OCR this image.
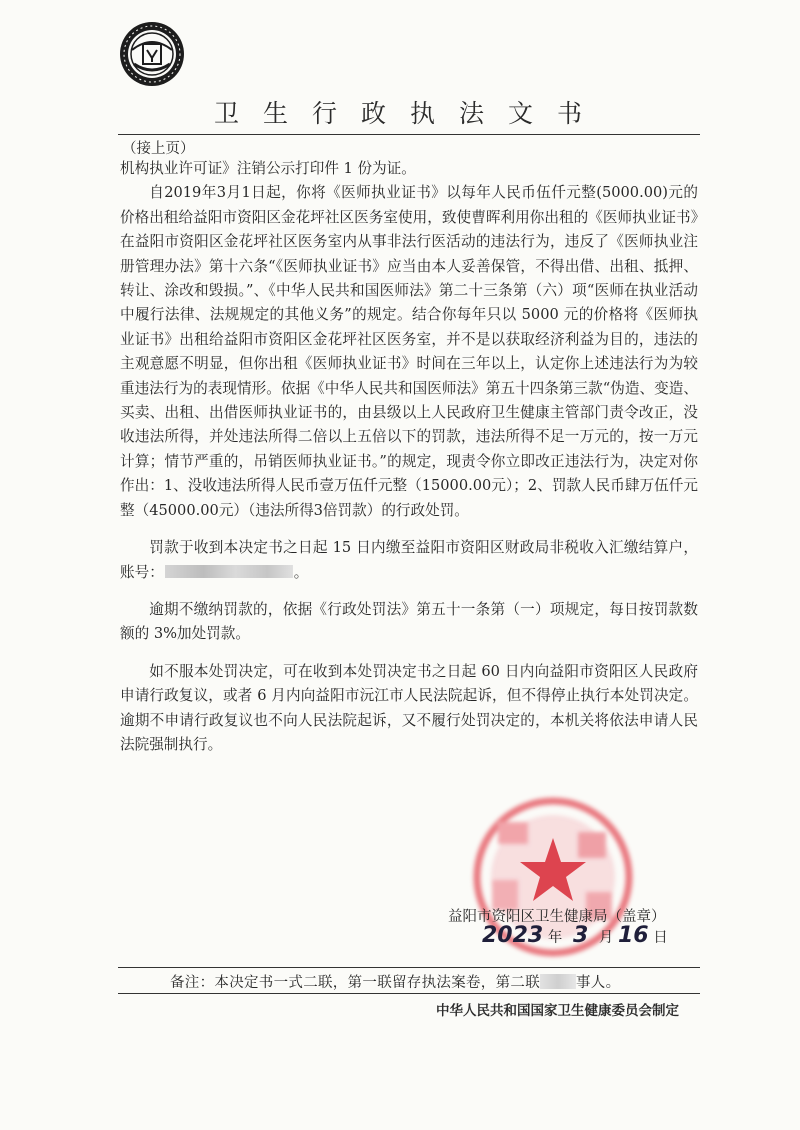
卫生行政执法文书
（接上页）

机构执业许可证》注销公示打印件 1 份为证。

自2019年3月1日起，你将《医师执业证书》以每年人民币伍仟元整(5000.00)元的价格出租给益阳市资阳区金花坪社区医务室使用，致使曹晖利用你出租的《医师执业证书》在益阳市资阳区金花坪社区医务室内从事非法行医活动的违法行为，违反了《医师执业注册管理办法》第十六条“《医师执业证书》应当由本人妥善保管，不得出借、出租、抵押、转让、涂改和毁损。”、《中华人民共和国医师法》第二十三条第（六）项“医师在执业活动中履行法律、法规规定的其他义务”的规定。结合你每年只以 5000 元的价格将《医师执业证书》出租给益阳市资阳区金花坪社区医务室，并不是以获取经济利益为目的，违法的主观意愿不明显，但你出租《医师执业证书》时间在三年以上，认定你上述违法行为为较重违法行为的表现情形。依据《中华人民共和国医师法》第五十四条第三款“伪造、变造、买卖、出租、出借医师执业证书的，由县级以上人民政府卫生健康主管部门责令改正，没收违法所得，并处违法所得二倍以上五倍以下的罚款，违法所得不足一万元的，按一万元计算；情节严重的，吊销医师执业证书。”的规定，现责令你立即改正违法行为，决定对你作出：1、没收违法所得人民币壹万伍仟元整（15000.00元）；2、罚款人民币肆万伍仟元整（45000.00元）（违法所得3倍罚款）的行政处罚。

罚款于收到本决定书之日起 15 日内缴至益阳市资阳区财政局非税收入汇缴结算户，账号：	。

逾期不缴纳罚款的，依据《行政处罚法》第五十一条第（一）项规定，每日按罚款数额的 3%加处罚款。

如不服本处罚决定，可在收到本处罚决定书之日起 60 日内向益阳市资阳区人民政府申请行政复议，或者 6 月内向益阳市沅江市人民法院起诉，但不得停止执行本处罚决定。逾期不申请行政复议也不向人民法院起诉，又不履行处罚决定的，本机关将依法申请人民法院强制执行。

益阳市资阳区卫生健康局（盖章）
2023 年 3 月 16 日
备注：本决定书一式二联，第一联留存执法案卷，第二联 事人。
中华人民共和国国家卫生健康委员会制定
